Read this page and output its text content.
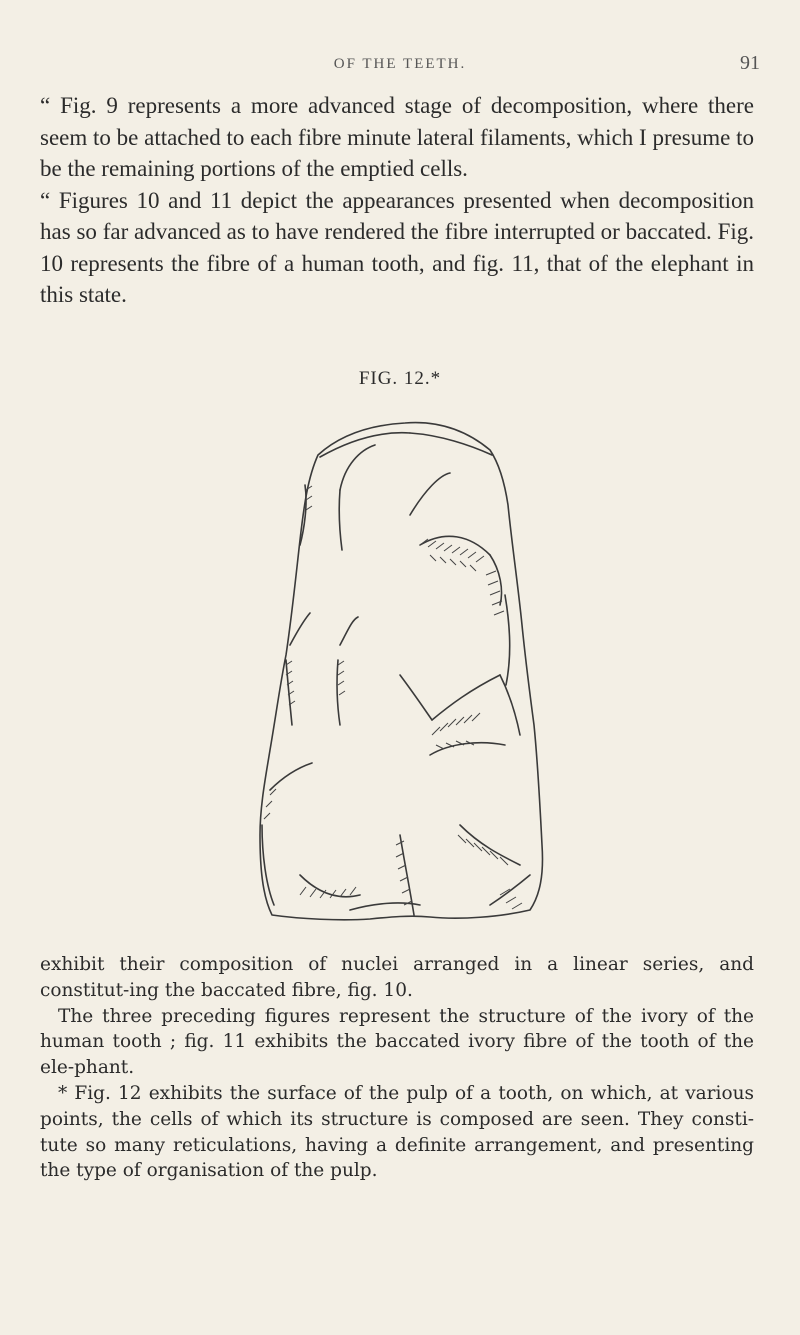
OF THE TEETH.	91

“ Fig. 9 represents a more advanced stage of decomposition, where there seem to be attached to each fibre minute lateral filaments, which I presume to be the remaining portions of the emptied cells.

“ Figures 10 and 11 depict the appearances presented when decomposition has so far advanced as to have rendered the fibre interrupted or baccated. Fig. 10 represents the fibre of a human tooth, and fig. 11, that of the elephant in this state.

FIG. 12.*

exhibit their composition of nuclei arranged in a linear series, and constitut-ing the baccated fibre, fig. 10.

The three preceding figures represent the structure of the ivory of the human tooth ; fig. 11 exhibits the baccated ivory fibre of the tooth of the ele-phant.

* Fig. 12 exhibits the surface of the pulp of a tooth, on which, at various points, the cells of which its structure is composed are seen. They consti-tute so many reticulations, having a definite arrangement, and presenting the type of organisation of the pulp.
